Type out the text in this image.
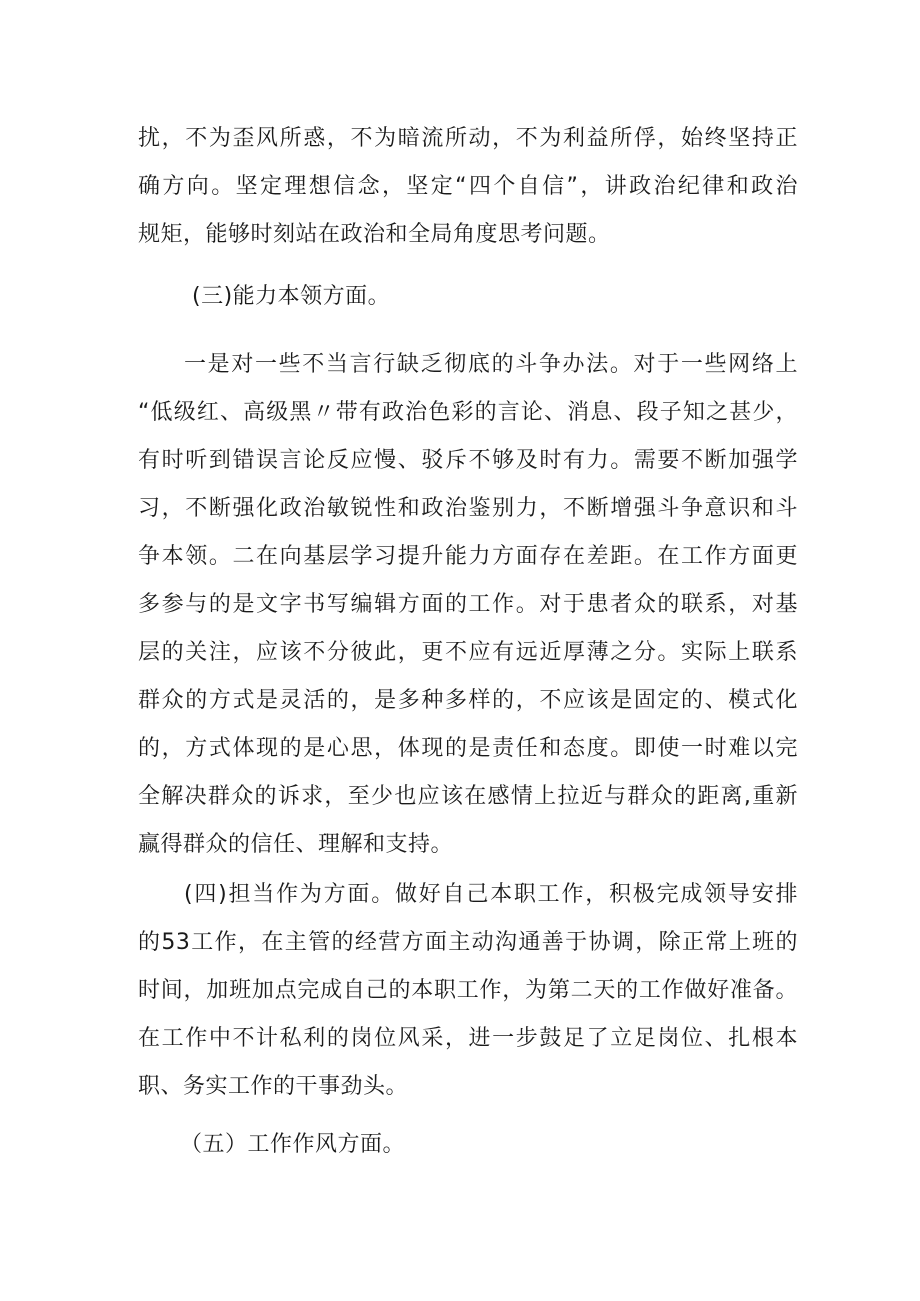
扰，不为歪风所惑，不为暗流所动，不为利益所俘，始终坚持正

确方向。坚定理想信念，坚定“四个自信”，讲政治纪律和政治

规矩，能够时刻站在政治和全局角度思考问题。

(三)能力本领方面。

一是对一些不当言行缺乏彻底的斗争办法。对于一些网络上

“低级红、高级黑〃带有政治色彩的言论、消息、段子知之甚少，

有时听到错误言论反应慢、驳斥不够及时有力。需要不断加强学

习，不断强化政治敏锐性和政治鉴别力，不断增强斗争意识和斗

争本领。二在向基层学习提升能力方面存在差距。在工作方面更

多参与的是文字书写编辑方面的工作。对于患者众的联系，对基

层的关注，应该不分彼此，更不应有远近厚薄之分。实际上联系

群众的方式是灵活的，是多种多样的，不应该是固定的、模式化

的，方式体现的是心思，体现的是责任和态度。即使一时难以完

全解决群众的诉求，至少也应该在感情上拉近与群众的距离,重新

赢得群众的信任、理解和支持。

(四)担当作为方面。做好自己本职工作，积极完成领导安排

的53工作，在主管的经营方面主动沟通善于协调，除正常上班的

时间，加班加点完成自己的本职工作，为第二天的工作做好准备。

在工作中不计私利的岗位风采，进一步鼓足了立足岗位、扎根本

职、务实工作的干事劲头。

（五）工作作风方面。
